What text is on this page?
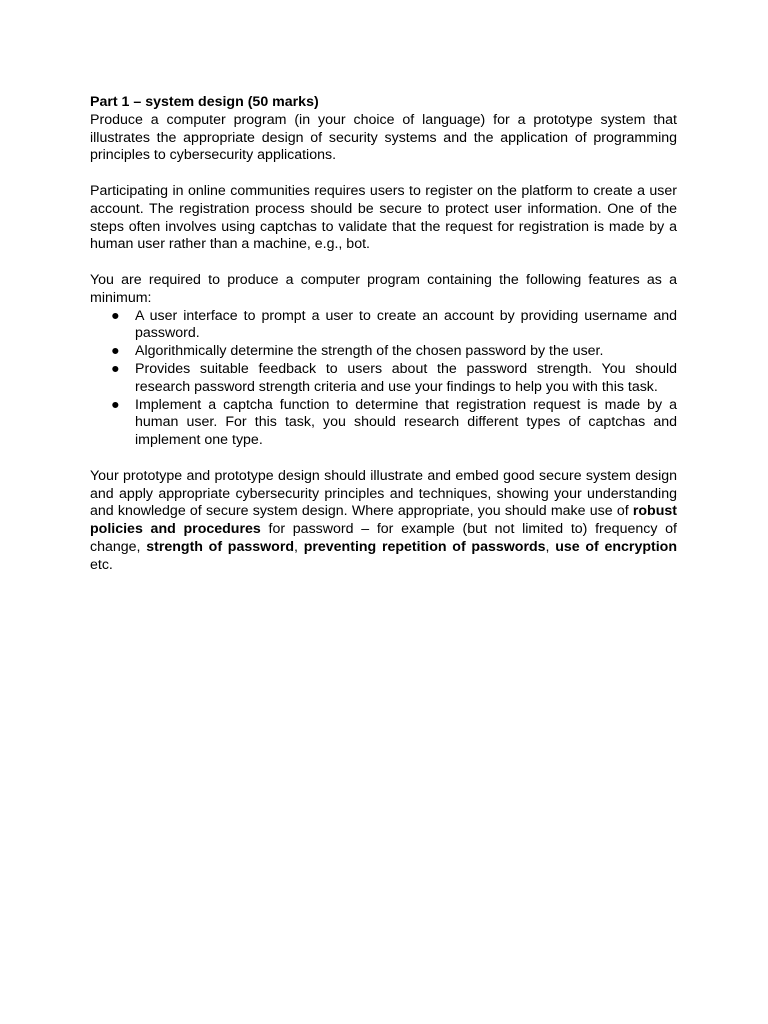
Part 1 – system design (50 marks)

Produce a computer program (in your choice of language) for a prototype system that illustrates the appropriate design of security systems and the application of programming principles to cybersecurity applications.

Participating in online communities requires users to register on the platform to create a user account. The registration process should be secure to protect user information. One of the steps often involves using captchas to validate that the request for registration is made by a human user rather than a machine, e.g., bot.

You are required to produce a computer program containing the following features as a minimum:

● A user interface to prompt a user to create an account by providing username and password.
● Algorithmically determine the strength of the chosen password by the user.
● Provides suitable feedback to users about the password strength. You should research password strength criteria and use your findings to help you with this task.
● Implement a captcha function to determine that registration request is made by a human user. For this task, you should research different types of captchas and implement one type.

Your prototype and prototype design should illustrate and embed good secure system design and apply appropriate cybersecurity principles and techniques, showing your understanding and knowledge of secure system design. Where appropriate, you should make use of robust policies and procedures for password – for example (but not limited to) frequency of change, strength of password, preventing repetition of passwords, use of encryption etc.
